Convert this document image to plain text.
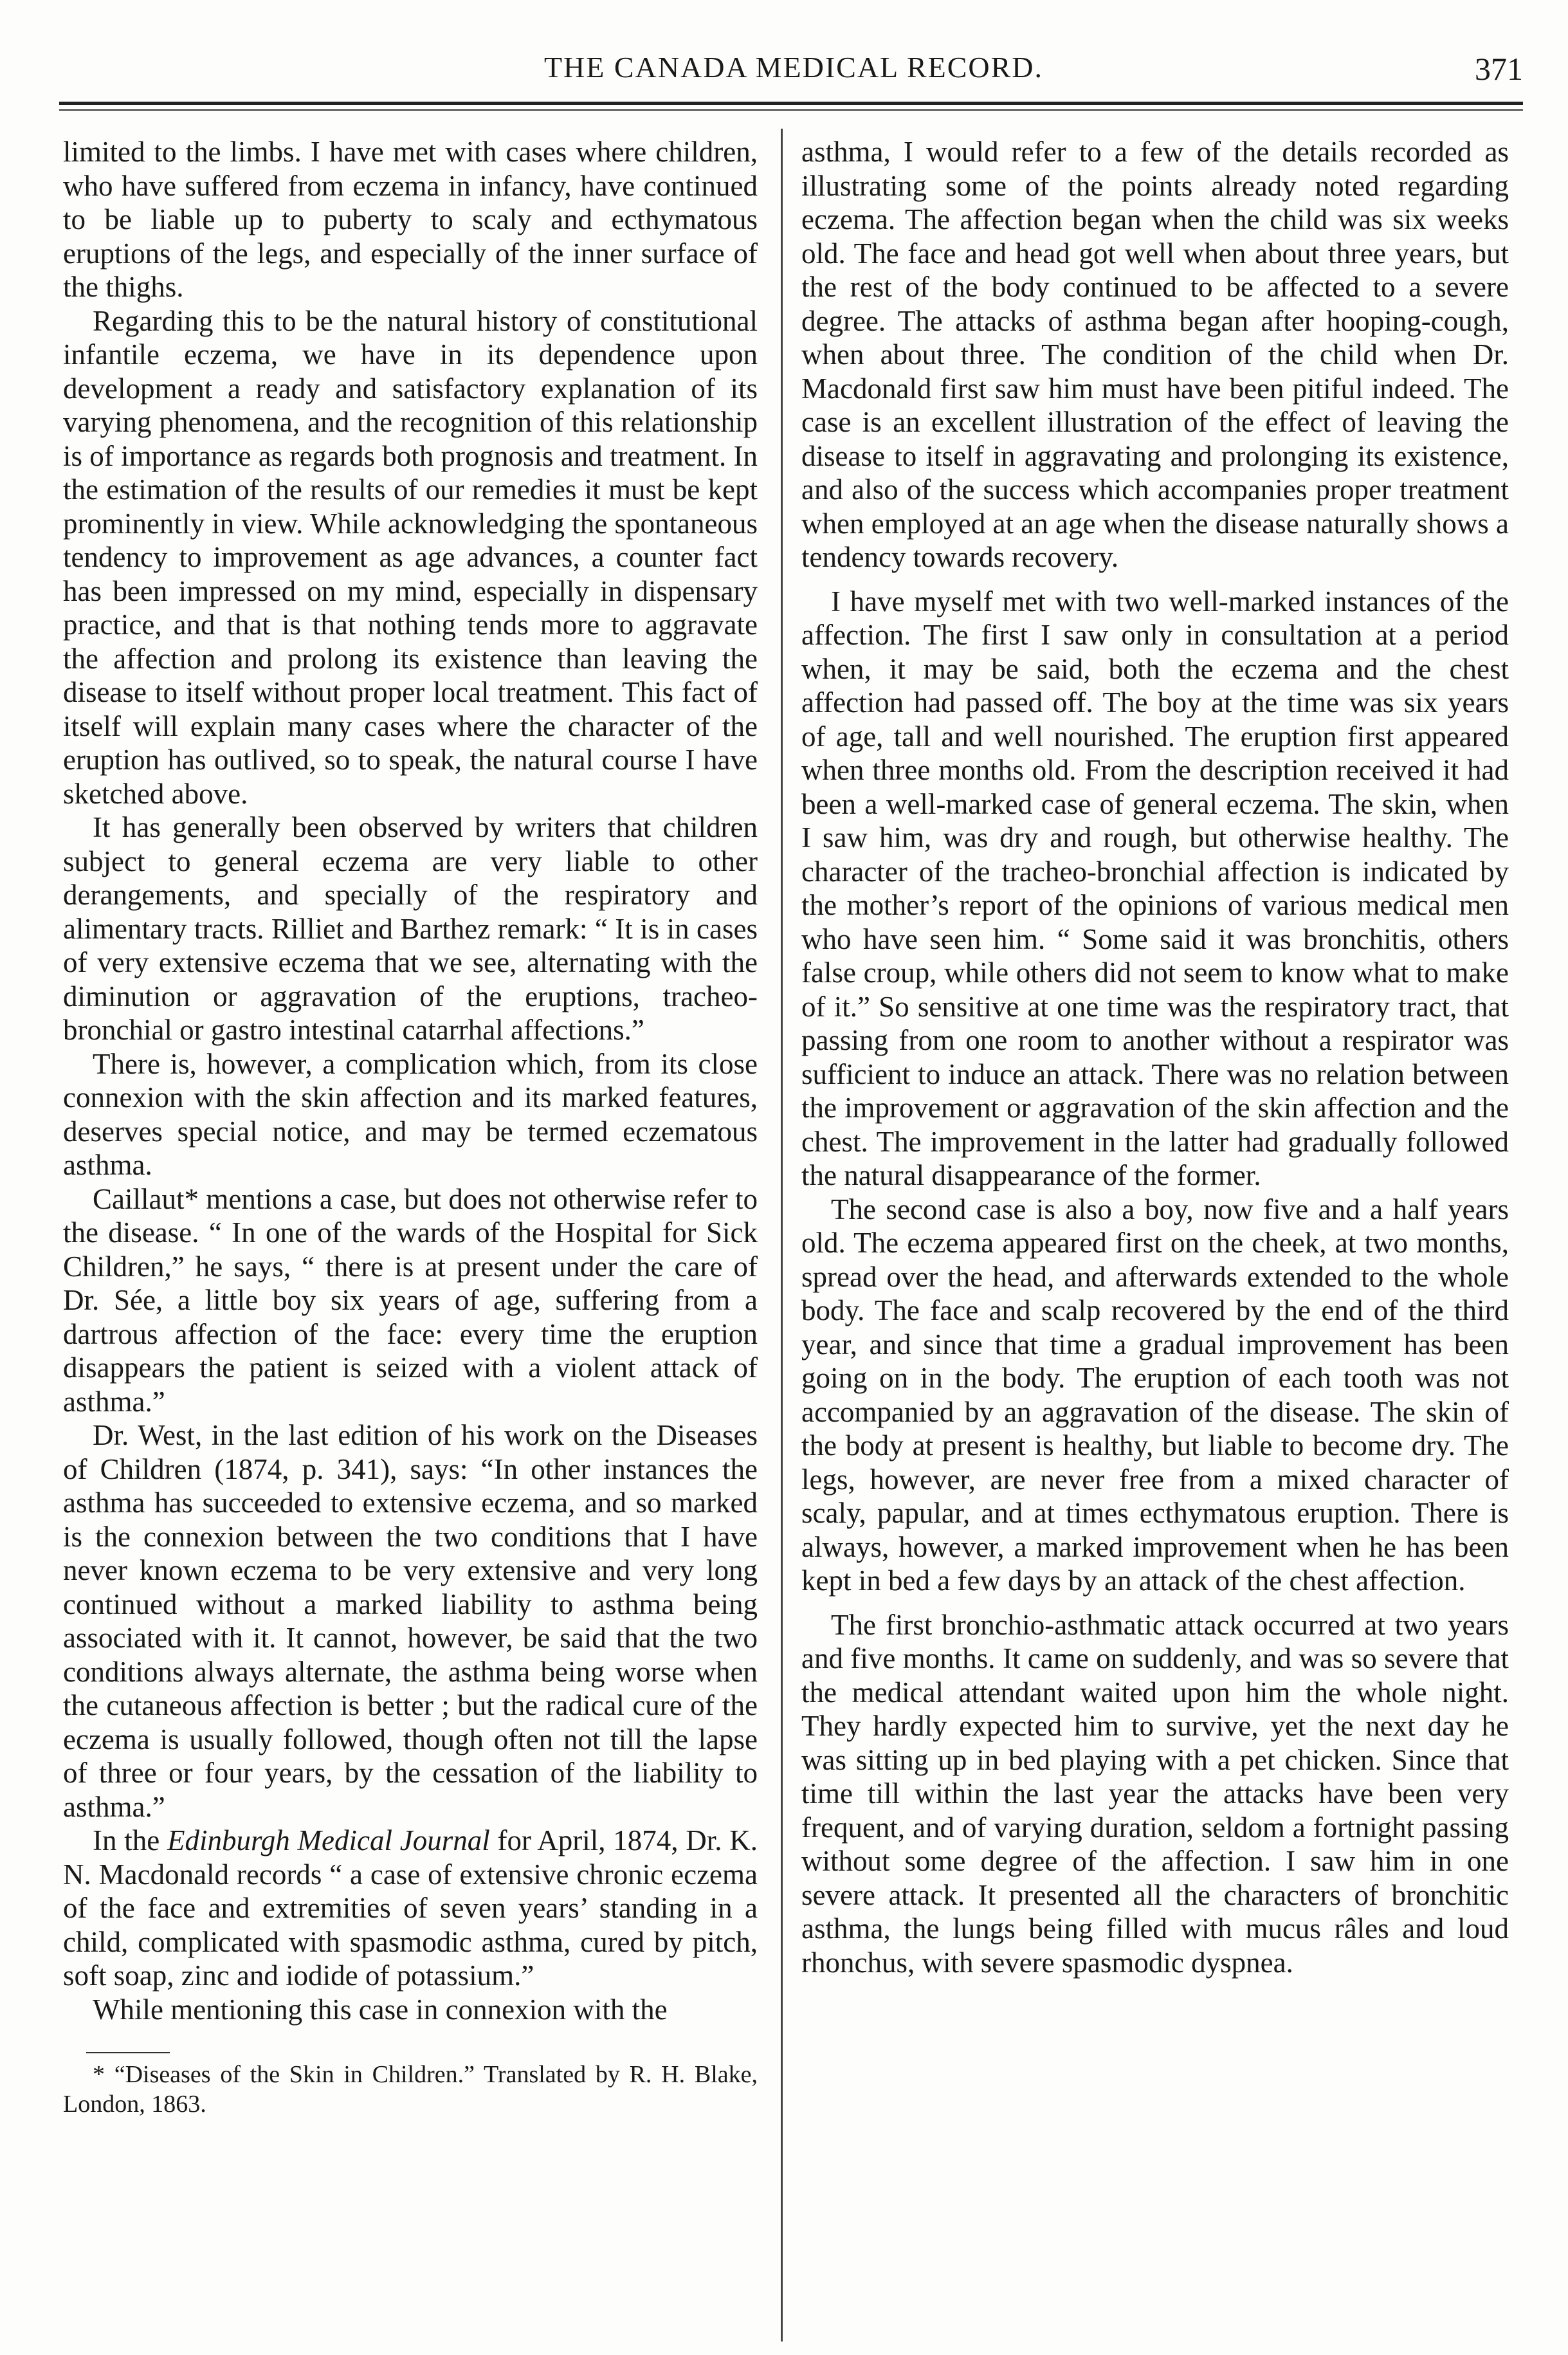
THE CANADA MEDICAL RECORD.	371

limited to the limbs. I have met with cases where children, who have suffered from eczema in infancy, have continued to be liable up to puberty to scaly and ecthymatous eruptions of the legs, and especially of the inner surface of the thighs.

Regarding this to be the natural history of constitutional infantile eczema, we have in its dependence upon development a ready and satisfactory explanation of its varying phenomena, and the recognition of this relationship is of importance as regards both prognosis and treatment. In the estimation of the results of our remedies it must be kept prominently in view. While acknowledging the spontaneous tendency to improvement as age advances, a counter fact has been impressed on my mind, especially in dispensary practice, and that is that nothing tends more to aggravate the affection and prolong its existence than leaving the disease to itself without proper local treatment. This fact of itself will explain many cases where the character of the eruption has outlived, so to speak, the natural course I have sketched above.

It has generally been observed by writers that children subject to general eczema are very liable to other derangements, and specially of the respiratory and alimentary tracts. Rilliet and Barthez remark: “ It is in cases of very extensive eczema that we see, alternating with the diminution or aggravation of the eruptions, tracheo-bronchial or gastro intestinal catarrhal affections.”

There is, however, a complication which, from its close connexion with the skin affection and its marked features, deserves special notice, and may be termed eczematous asthma.

Caillaut* mentions a case, but does not otherwise refer to the disease. “ In one of the wards of the Hospital for Sick Children,” he says, “ there is at present under the care of Dr. Sée, a little boy six years of age, suffering from a dartrous affection of the face: every time the eruption disappears the patient is seized with a violent attack of asthma.”

Dr. West, in the last edition of his work on the Diseases of Children (1874, p. 341), says: “In other instances the asthma has succeeded to extensive eczema, and so marked is the connexion between the two conditions that I have never known eczema to be very extensive and very long continued without a marked liability to asthma being associated with it. It cannot, however, be said that the two conditions always alternate, the asthma being worse when the cutaneous affection is better ; but the radical cure of the eczema is usually followed, though often not till the lapse of three or four years, by the cessation of the liability to asthma.”

In the Edinburgh Medical Journal for April, 1874, Dr. K. N. Macdonald records “ a case of extensive chronic eczema of the face and extremities of seven years’ standing in a child, complicated with spasmodic asthma, cured by pitch, soft soap, zinc and iodide of potassium.”

While mentioning this case in connexion with the

* “Diseases of the Skin in Children.” Translated by R. H. Blake, London, 1863.

asthma, I would refer to a few of the details recorded as illustrating some of the points already noted regarding eczema. The affection began when the child was six weeks old. The face and head got well when about three years, but the rest of the body continued to be affected to a severe degree. The attacks of asthma began after hooping-cough, when about three. The condition of the child when Dr. Macdonald first saw him must have been pitiful indeed. The case is an excellent illustration of the effect of leaving the disease to itself in aggravating and prolonging its existence, and also of the success which accompanies proper treatment when employed at an age when the disease naturally shows a tendency towards recovery.

I have myself met with two well-marked instances of the affection. The first I saw only in consultation at a period when, it may be said, both the eczema and the chest affection had passed off. The boy at the time was six years of age, tall and well nourished. The eruption first appeared when three months old. From the description received it had been a well-marked case of general eczema. The skin, when I saw him, was dry and rough, but otherwise healthy. The character of the tracheo-bronchial affection is indicated by the mother’s report of the opinions of various medical men who have seen him. “ Some said it was bronchitis, others false croup, while others did not seem to know what to make of it.” So sensitive at one time was the respiratory tract, that passing from one room to another without a respirator was sufficient to induce an attack. There was no relation between the improvement or aggravation of the skin affection and the chest. The improvement in the latter had gradually followed the natural disappearance of the former.

The second case is also a boy, now five and a half years old. The eczema appeared first on the cheek, at two months, spread over the head, and afterwards extended to the whole body. The face and scalp recovered by the end of the third year, and since that time a gradual improvement has been going on in the body. The eruption of each tooth was not accompanied by an aggravation of the disease. The skin of the body at present is healthy, but liable to become dry. The legs, however, are never free from a mixed character of scaly, papular, and at times ecthymatous eruption. There is always, however, a marked improvement when he has been kept in bed a few days by an attack of the chest affection.

The first bronchio-asthmatic attack occurred at two years and five months. It came on suddenly, and was so severe that the medical attendant waited upon him the whole night. They hardly expected him to survive, yet the next day he was sitting up in bed playing with a pet chicken. Since that time till within the last year the attacks have been very frequent, and of varying duration, seldom a fortnight passing without some degree of the affection. I saw him in one severe attack. It presented all the characters of bronchitic asthma, the lungs being filled with mucus râles and loud rhonchus, with severe spasmodic dyspnea.
